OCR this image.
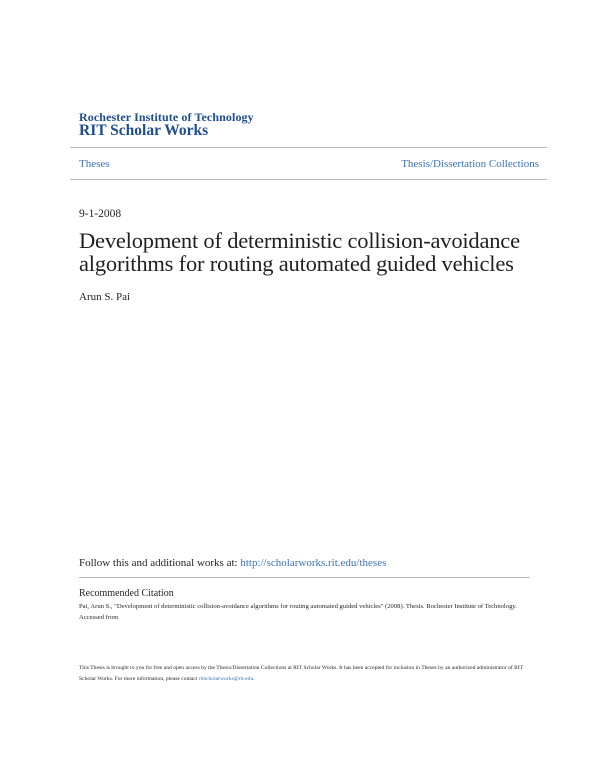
Rochester Institute of Technology
RIT Scholar Works
Theses	Thesis/Dissertation Collections
9-1-2008
Development of deterministic collision-avoidance algorithms for routing automated guided vehicles
Arun S. Pai
Follow this and additional works at: http://scholarworks.rit.edu/theses
Recommended Citation

Pai, Arun S., "Development of deterministic collision-avoidance algorithms for routing automated guided vehicles" (2008). Thesis. Rochester Institute of Technology. Accessed from

This Thesis is brought to you for free and open access by the Thesis/Dissertation Collections at RIT Scholar Works. It has been accepted for inclusion in Theses by an authorized administrator of RIT Scholar Works. For more information, please contact ritscholarworks@rit.edu.
